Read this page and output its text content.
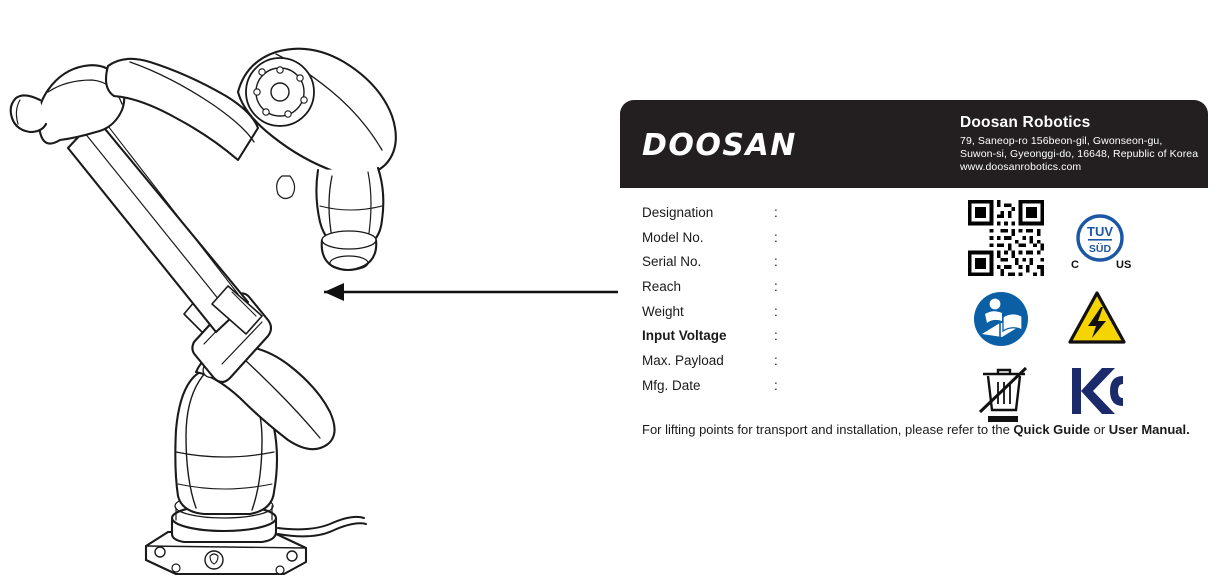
DOOSAN
Doosan Robotics
79, Saneop-ro 156beon-gil, Gwonseon-gu,
Suwon-si, Gyeonggi-do, 16648, Republic of Korea
www.doosanrobotics.com
Designation	:
Model No.	:
Serial No.	:
Reach	:
Weight	:
Input Voltage	:
Max. Payload	:
Mfg. Date	:
TUV
SÜD
C	US
For lifting points for transport and installation, please refer to the Quick Guide or User Manual.
